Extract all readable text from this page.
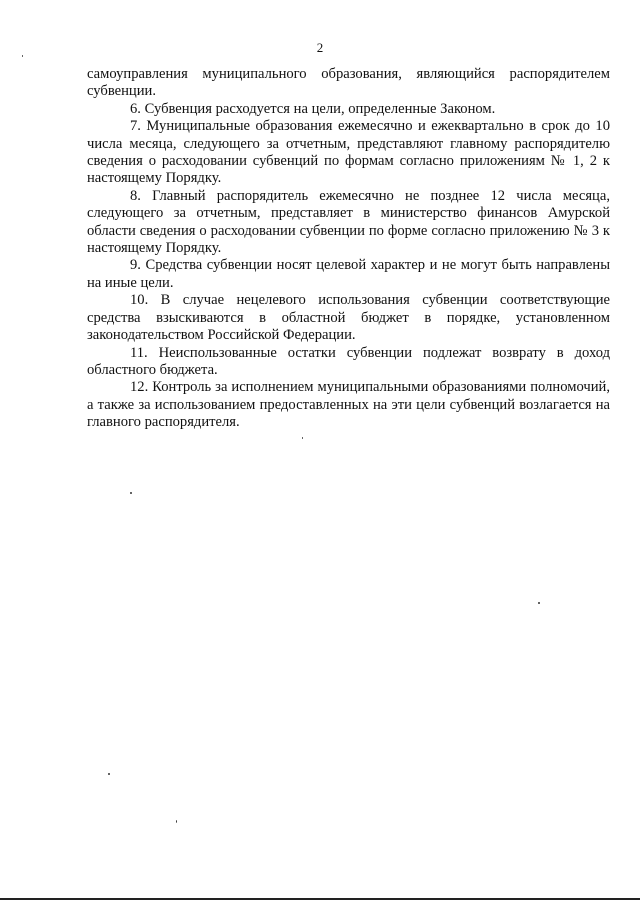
2

самоуправления муниципального образования, являющийся распорядителем субвенции.

6. Субвенция расходуется на цели, определенные Законом.

7. Муниципальные образования ежемесячно и ежеквартально в срок до 10 числа месяца, следующего за отчетным, представляют главному распорядителю сведения о расходовании субвенций по формам согласно приложениям № 1, 2 к настоящему Порядку.

8. Главный распорядитель ежемесячно не позднее 12 числа месяца, следующего за отчетным, представляет в министерство финансов Амурской области сведения о расходовании субвенции по форме согласно приложению № 3 к настоящему Порядку.

9. Средства субвенции носят целевой характер и не могут быть направлены на иные цели.

10. В случае нецелевого использования субвенции соответствующие средства взыскиваются в областной бюджет в порядке, установленном законодательством Российской Федерации.

11. Неиспользованные остатки субвенции подлежат возврату в доход областного бюджета.

12. Контроль за исполнением муниципальными образованиями полномочий, а также за использованием предоставленных на эти цели субвенций возлагается на главного распорядителя.
